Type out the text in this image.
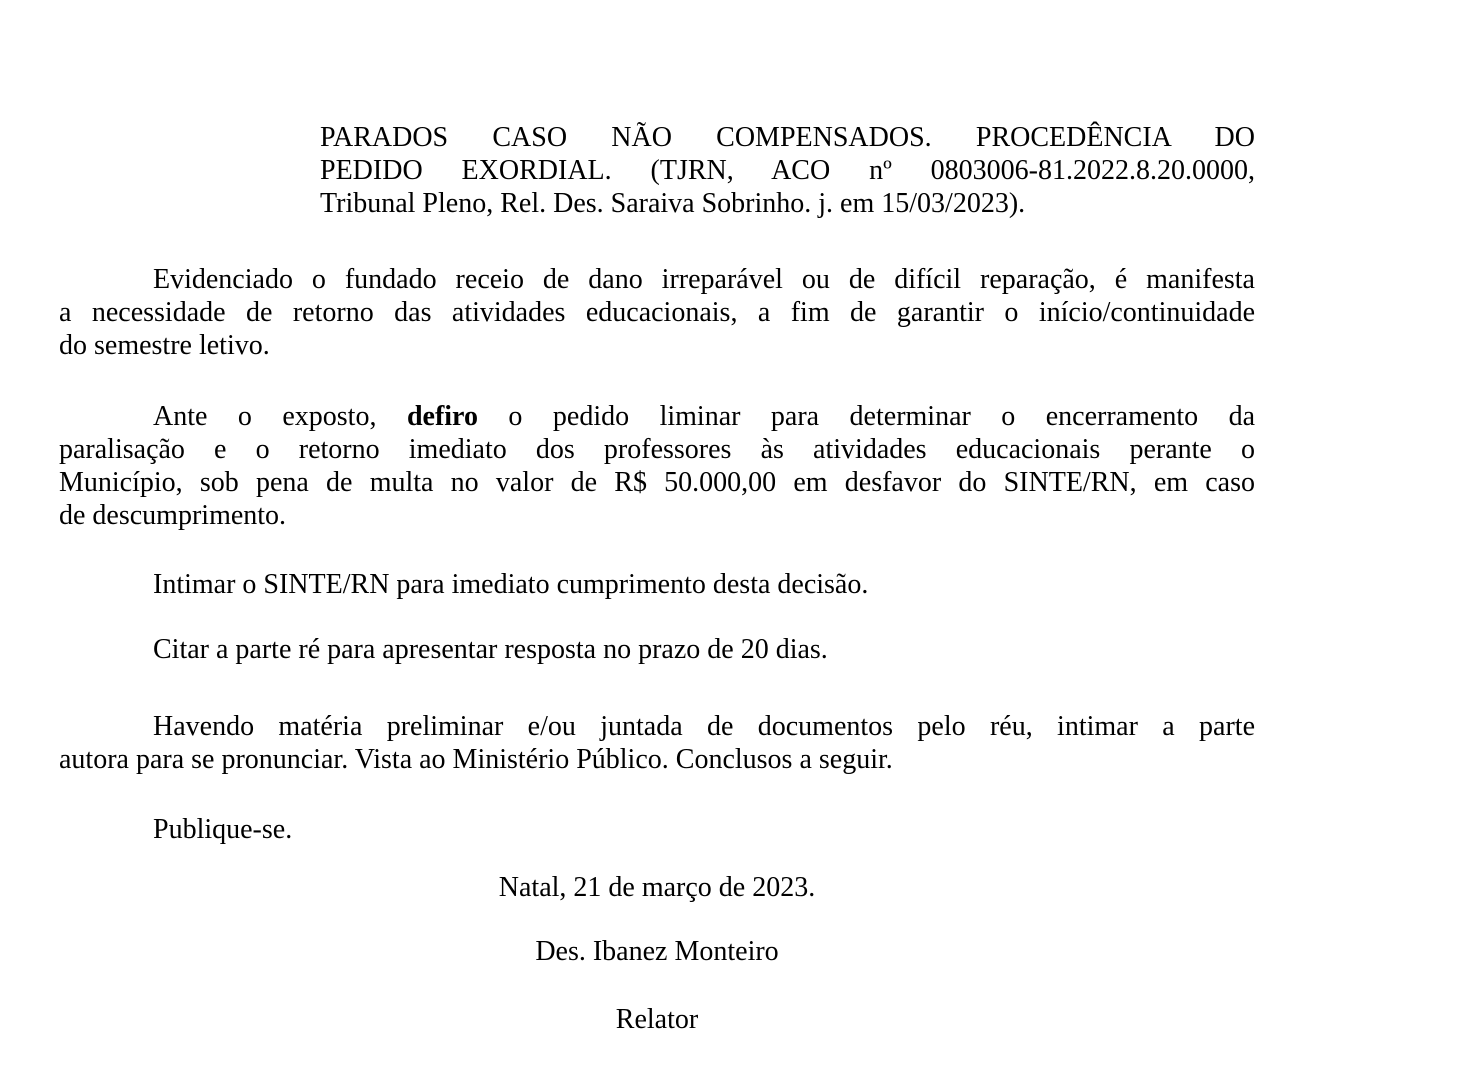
PARADOS CASO NÃO COMPENSADOS. PROCEDÊNCIA DO
PEDIDO EXORDIAL. (TJRN, ACO nº 0803006-81.2022.8.20.0000,
Tribunal Pleno, Rel. Des. Saraiva Sobrinho. j. em 15/03/2023).
Evidenciado o fundado receio de dano irreparável ou de difícil reparação, é manifesta
a necessidade de retorno das atividades educacionais, a fim de garantir o início/continuidade
do semestre letivo.
Ante o exposto, defiro o pedido liminar para determinar o encerramento da
paralisação e o retorno imediato dos professores às atividades educacionais perante o
Município, sob pena de multa no valor de R$ 50.000,00 em desfavor do SINTE/RN, em caso
de descumprimento.
Intimar o SINTE/RN para imediato cumprimento desta decisão.
Citar a parte ré para apresentar resposta no prazo de 20 dias.
Havendo matéria preliminar e/ou juntada de documentos pelo réu, intimar a parte
autora para se pronunciar. Vista ao Ministério Público. Conclusos a seguir.
Publique-se.
Natal, 21 de março de 2023.
Des. Ibanez Monteiro
Relator
